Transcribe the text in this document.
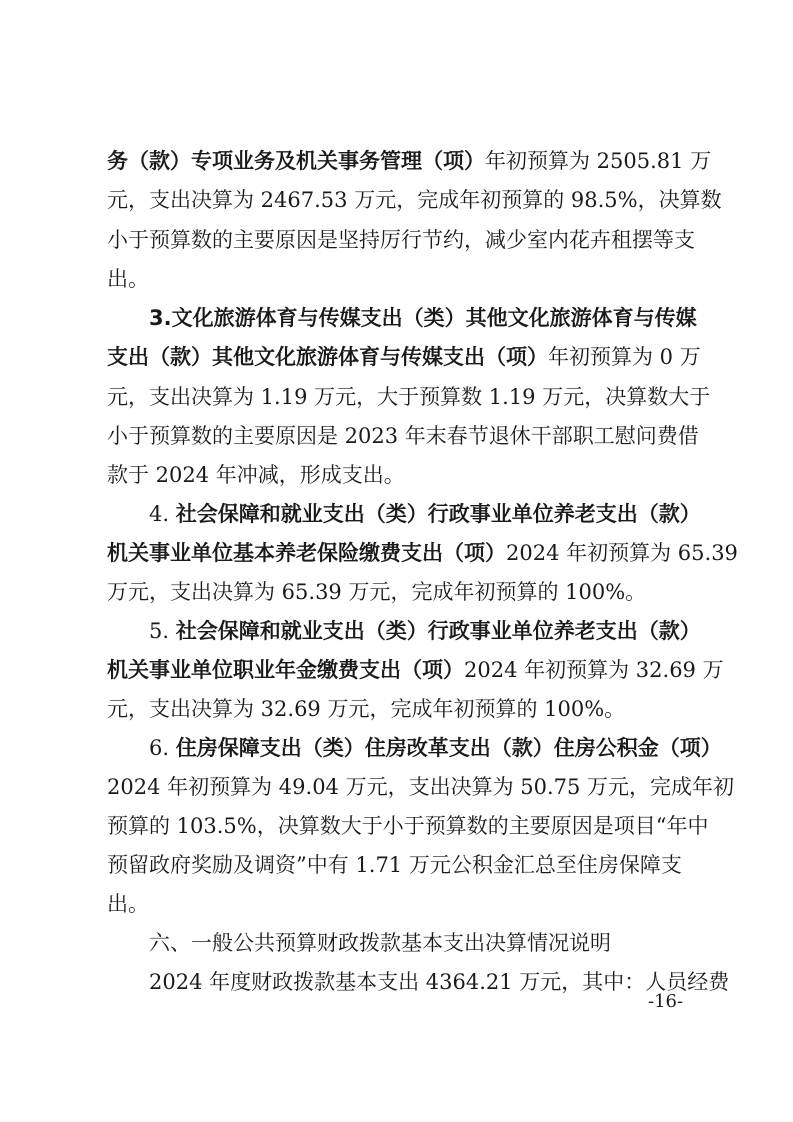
务（款）专项业务及机关事务管理（项） 年初预算为 2505.81 万
元，支出决算为 2467.53 万元，完成年初预算的 98.5%，决算数
小于预算数的主要原因是坚持厉行节约，减少室内花卉租摆等支
出。
3.文化旅游体育与传媒支出（类）其他文化旅游体育与传媒
支出（款）其他文化旅游体育与传媒支出（项） 年初预算为 0 万
元，支出决算为 1.19 万元，大于预算数 1.19 万元，决算数大于
小于预算数的主要原因是 2023 年末春节退休干部职工慰问费借
款于 2024 年冲减，形成支出。
4. 社会保障和就业支出（类）行政事业单位养老支出（款）
机关事业单位基本养老保险缴费支出（项） 2024 年初预算为 65.39
万元，支出决算为 65.39 万元，完成年初预算的 100%。
5. 社会保障和就业支出（类）行政事业单位养老支出（款）
机关事业单位职业年金缴费支出（项） 2024 年初预算为 32.69 万
元，支出决算为 32.69 万元，完成年初预算的 100%。
6. 住房保障支出（类）住房改革支出（款）住房公积金（项）
2024 年初预算为 49.04 万元，支出决算为 50.75 万元，完成年初
预算的 103.5%，决算数大于小于预算数的主要原因是项目“年中
预留政府奖励及调资”中有 1.71 万元公积金汇总至住房保障支
出。
六、一般公共预算财政拨款基本支出决算情况说明
2024 年度财政拨款基本支出 4364.21 万元，其中：人员经费
-16-
